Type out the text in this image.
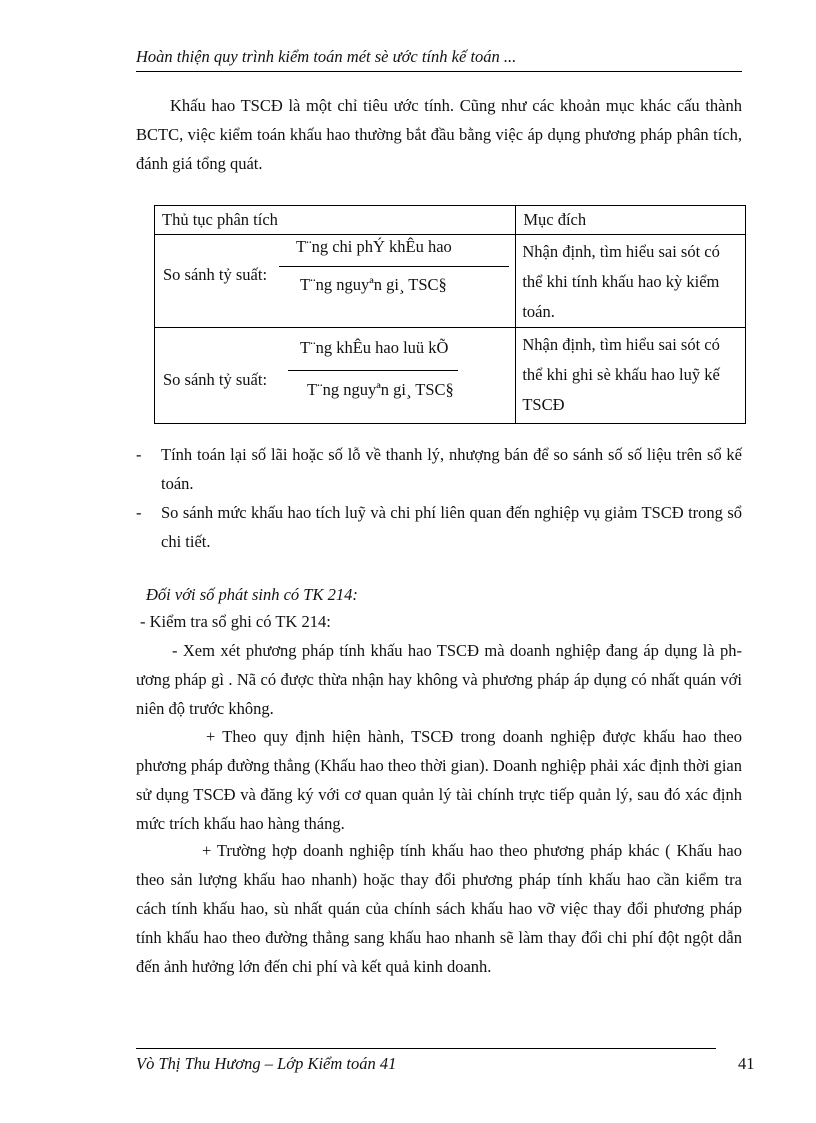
Hoàn thiện quy trình kiểm toán mét sè ước tính kế toán ...
Khấu hao TSCĐ là một chỉ tiêu ước tính. Cũng như các khoản mục khác cấu thành BCTC, việc kiểm toán khấu hao thường bắt đầu bằng việc áp dụng phương pháp phân tích, đánh giá tổng quát.
Thủ tục phân tích	Mục đích

So sánh tỷ suất:
T¨ng chi phÝ khÊu hao
T¨ng nguyªn gi¸ TSC§	Nhận định, tìm hiểu sai sót có thể khi tính khấu hao kỳ kiểm toán.

So sánh tỷ suất:
T¨ng khÊu hao luü kÕ
T¨ng nguyªn gi¸ TSC§	Nhận định, tìm hiểu sai sót có thể khi ghi sè khấu hao luỹ kế TSCĐ
- Tính toán lại số lãi hoặc số lỗ về thanh lý, nhượng bán để so sánh số số liệu trên sổ kế toán.
- So sánh mức khấu hao tích luỹ và chi phí liên quan đến nghiệp vụ giảm TSCĐ trong sổ chi tiết.
Đối với số phát sinh có TK 214:
- Kiểm tra sổ ghi có TK 214:
- Xem xét phương pháp tính khấu hao TSCĐ mà doanh nghiệp đang áp dụng là phương pháp gì . Nã có được thừa nhận hay không và phương pháp áp dụng có nhất quán với niên độ trước không.
+ Theo quy định hiện hành, TSCĐ trong doanh nghiệp được khấu hao theo phương pháp đường thẳng (Khấu hao theo thời gian). Doanh nghiệp phải xác định thời gian sử dụng TSCĐ và đăng ký với cơ quan quản lý tài chính trực tiếp quản lý, sau đó xác định mức trích khấu hao hàng tháng.
+ Trường hợp doanh nghiệp tính khấu hao theo phương pháp khác ( Khấu hao theo sản lượng khấu hao nhanh) hoặc thay đổi phương pháp tính khấu hao cần kiểm tra cách tính khấu hao, sù nhất quán của chính sách khấu hao vỡ việc thay đổi phương pháp tính khấu hao theo đường thẳng sang khấu hao nhanh sẽ làm thay đổi chi phí đột ngột dẫn đến ảnh hưởng lớn đến chi phí và kết quả kinh doanh.
Vò Thị Thu Hương – Lớp Kiểm toán 41	41
